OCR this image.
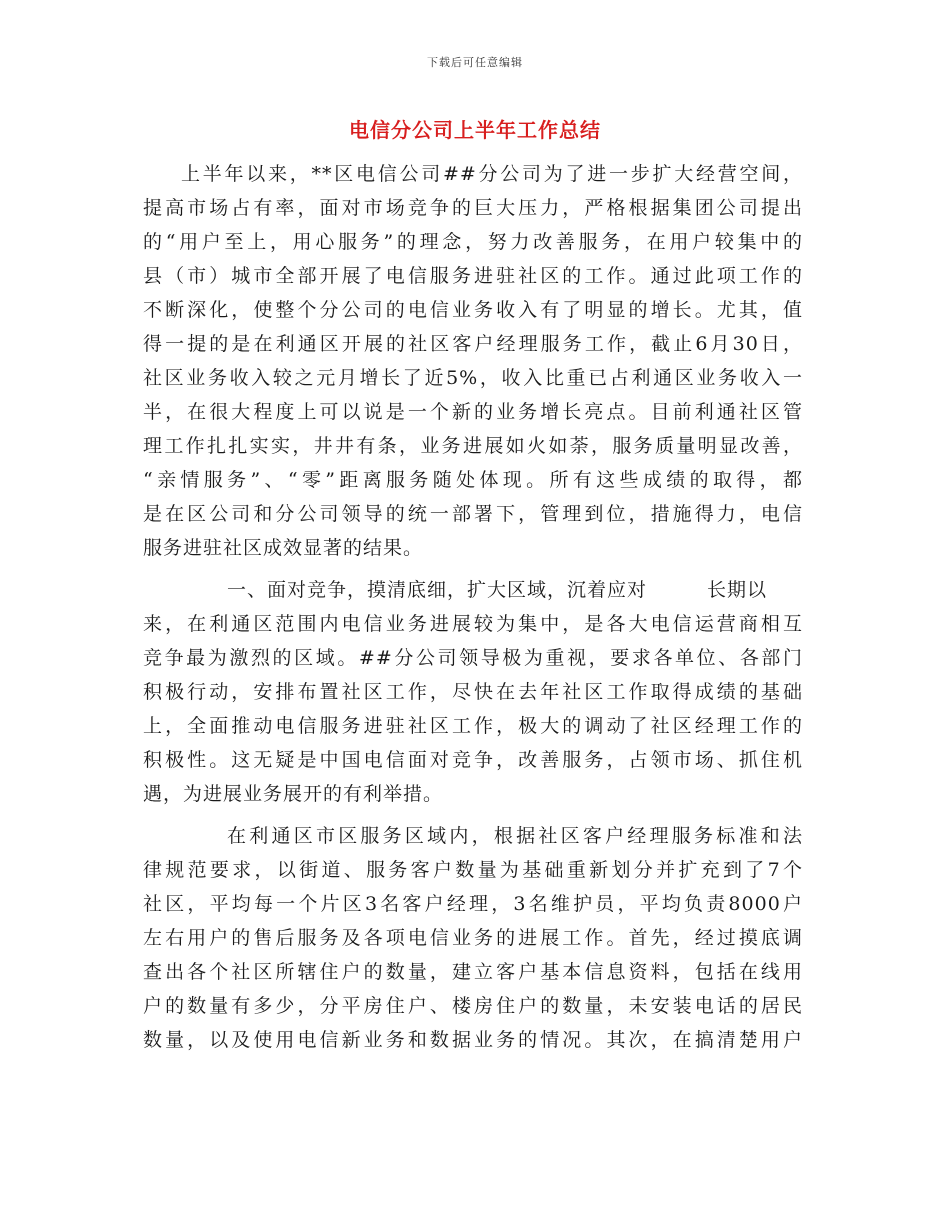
下载后可任意编辑
电信分公司上半年工作总结
上半年以来，**区电信公司##分公司为了进一步扩大经营空间，
提高市场占有率，面对市场竞争的巨大压力，严格根据集团公司提出
的“用户至上，用心服务”的理念，努力改善服务，在用户较集中的
县（市）城市全部开展了电信服务进驻社区的工作。通过此项工作的
不断深化，使整个分公司的电信业务收入有了明显的增长。尤其，值
得一提的是在利通区开展的社区客户经理服务工作，截止6月30日，
社区业务收入较之元月增长了近5%，收入比重已占利通区业务收入一
半，在很大程度上可以说是一个新的业务增长亮点。目前利通社区管
理工作扎扎实实，井井有条，业务进展如火如荼，服务质量明显改善，
“亲情服务”、“零”距离服务随处体现。所有这些成绩的取得，都
是在区公司和分公司领导的统一部署下，管理到位，措施得力，电信
服务进驻社区成效显著的结果。
一、面对竞争，摸清底细，扩大区域，沉着应对	长期以
来，在利通区范围内电信业务进展较为集中，是各大电信运营商相互
竞争最为激烈的区域。##分公司领导极为重视，要求各单位、各部门
积极行动，安排布置社区工作，尽快在去年社区工作取得成绩的基础
上，全面推动电信服务进驻社区工作，极大的调动了社区经理工作的
积极性。这无疑是中国电信面对竞争，改善服务，占领市场、抓住机
遇，为进展业务展开的有利举措。
在利通区市区服务区域内，根据社区客户经理服务标准和法
律规范要求，以街道、服务客户数量为基础重新划分并扩充到了7个
社区，平均每一个片区3名客户经理，3名维护员，平均负责8000户
左右用户的售后服务及各项电信业务的进展工作。首先，经过摸底调
查出各个社区所辖住户的数量，建立客户基本信息资料，包括在线用
户的数量有多少，分平房住户、楼房住户的数量，未安装电话的居民
数量，以及使用电信新业务和数据业务的情况。其次，在搞清楚用户
